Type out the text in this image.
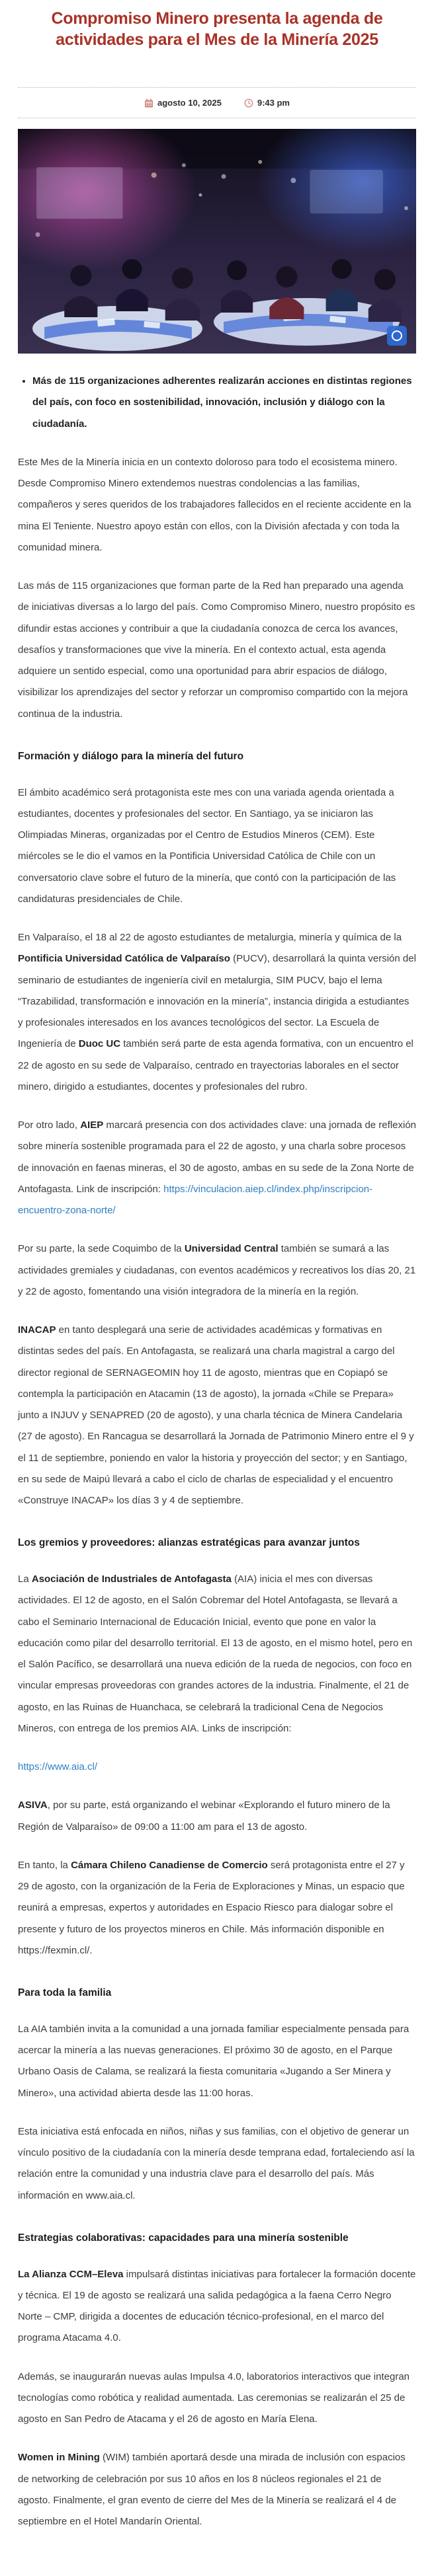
Compromiso Minero presenta la agenda de actividades para el Mes de la Minería 2025
agosto 10, 2025	9:43 pm
• Más de 115 organizaciones adherentes realizarán acciones en distintas regiones del país, con foco en sostenibilidad, innovación, inclusión y diálogo con la ciudadanía.

Este Mes de la Minería inicia en un contexto doloroso para todo el ecosistema minero. Desde Compromiso Minero extendemos nuestras condolencias a las familias, compañeros y seres queridos de los trabajadores fallecidos en el reciente accidente en la mina El Teniente. Nuestro apoyo están con ellos, con la División afectada y con toda la comunidad minera.

Las más de 115 organizaciones que forman parte de la Red han preparado una agenda de iniciativas diversas a lo largo del país. Como Compromiso Minero, nuestro propósito es difundir estas acciones y contribuir a que la ciudadanía conozca de cerca los avances, desafíos y transformaciones que vive la minería. En el contexto actual, esta agenda adquiere un sentido especial, como una oportunidad para abrir espacios de diálogo, visibilizar los aprendizajes del sector y reforzar un compromiso compartido con la mejora continua de la industria.

Formación y diálogo para la minería del futuro

El ámbito académico será protagonista este mes con una variada agenda orientada a estudiantes, docentes y profesionales del sector. En Santiago, ya se iniciaron las Olimpiadas Mineras, organizadas por el Centro de Estudios Mineros (CEM). Este miércoles se le dio el vamos en la Pontificia Universidad Católica de Chile con un conversatorio clave sobre el futuro de la minería, que contó con la participación de las candidaturas presidenciales de Chile.

En Valparaíso, el 18 al 22 de agosto estudiantes de metalurgia, minería y química de la Pontificia Universidad Católica de Valparaíso (PUCV), desarrollará la quinta versión del seminario de estudiantes de ingeniería civil en metalurgia, SIM PUCV, bajo el lema “Trazabilidad, transformación e innovación en la minería”, instancia dirigida a estudiantes y profesionales interesados en los avances tecnológicos del sector. La Escuela de Ingeniería de Duoc UC también será parte de esta agenda formativa, con un encuentro el 22 de agosto en su sede de Valparaíso, centrado en trayectorias laborales en el sector minero, dirigido a estudiantes, docentes y profesionales del rubro.

Por otro lado, AIEP marcará presencia con dos actividades clave: una jornada de reflexión sobre minería sostenible programada para el 22 de agosto, y una charla sobre procesos de innovación en faenas mineras, el 30 de agosto, ambas en su sede de la Zona Norte de Antofagasta. Link de inscripción: https://vinculacion.aiep.cl/index.php/inscripcion-encuentro-zona-norte/

Por su parte, la sede Coquimbo de la Universidad Central también se sumará a las actividades gremiales y ciudadanas, con eventos académicos y recreativos los días 20, 21 y 22 de agosto, fomentando una visión integradora de la minería en la región.

INACAP en tanto desplegará una serie de actividades académicas y formativas en distintas sedes del país. En Antofagasta, se realizará una charla magistral a cargo del director regional de SERNAGEOMIN hoy 11 de agosto, mientras que en Copiapó se contempla la participación en Atacamin (13 de agosto), la jornada «Chile se Prepara» junto a INJUV y SENAPRED (20 de agosto), y una charla técnica de Minera Candelaria (27 de agosto). En Rancagua se desarrollará la Jornada de Patrimonio Minero entre el 9 y el 11 de septiembre, poniendo en valor la historia y proyección del sector; y en Santiago, en su sede de Maipú llevará a cabo el ciclo de charlas de especialidad y el encuentro «Construye INACAP» los días 3 y 4 de septiembre.

Los gremios y proveedores: alianzas estratégicas para avanzar juntos

La Asociación de Industriales de Antofagasta (AIA) inicia el mes con diversas actividades. El 12 de agosto, en el Salón Cobremar del Hotel Antofagasta, se llevará a cabo el Seminario Internacional de Educación Inicial, evento que pone en valor la educación como pilar del desarrollo territorial. El 13 de agosto, en el mismo hotel, pero en el Salón Pacífico, se desarrollará una nueva edición de la rueda de negocios, con foco en vincular empresas proveedoras con grandes actores de la industria. Finalmente, el 21 de agosto, en las Ruinas de Huanchaca, se celebrará la tradicional Cena de Negocios Mineros, con entrega de los premios AIA. Links de inscripción:

https://www.aia.cl/

ASIVA, por su parte, está organizando el webinar «Explorando el futuro minero de la Región de Valparaíso» de 09:00 a 11:00 am para el 13 de agosto.

En tanto, la Cámara Chileno Canadiense de Comercio será protagonista entre el 27 y 29 de agosto, con la organización de la Feria de Exploraciones y Minas, un espacio que reunirá a empresas, expertos y autoridades en Espacio Riesco para dialogar sobre el presente y futuro de los proyectos mineros en Chile. Más información disponible en https://fexmin.cl/.

Para toda la familia

La AIA también invita a la comunidad a una jornada familiar especialmente pensada para acercar la minería a las nuevas generaciones. El próximo 30 de agosto, en el Parque Urbano Oasis de Calama, se realizará la fiesta comunitaria «Jugando a Ser Minera y Minero», una actividad abierta desde las 11:00 horas.

Esta iniciativa está enfocada en niños, niñas y sus familias, con el objetivo de generar un vínculo positivo de la ciudadanía con la minería desde temprana edad, fortaleciendo así la relación entre la comunidad y una industria clave para el desarrollo del país. Más información en www.aia.cl.

Estrategias colaborativas: capacidades para una minería sostenible

La Alianza CCM–Eleva impulsará distintas iniciativas para fortalecer la formación docente y técnica. El 19 de agosto se realizará una salida pedagógica a la faena Cerro Negro Norte – CMP, dirigida a docentes de educación técnico-profesional, en el marco del programa Atacama 4.0.

Además, se inaugurarán nuevas aulas Impulsa 4.0, laboratorios interactivos que integran tecnologías como robótica y realidad aumentada. Las ceremonias se realizarán el 25 de agosto en San Pedro de Atacama y el 26 de agosto en María Elena.

Women in Mining (WIM) también aportará desde una mirada de inclusión con espacios de networking de celebración por sus 10 años en los 8 núcleos regionales el 21 de agosto. Finalmente, el gran evento de cierre del Mes de la Minería se realizará el 4 de septiembre en el Hotel Mandarín Oriental.
